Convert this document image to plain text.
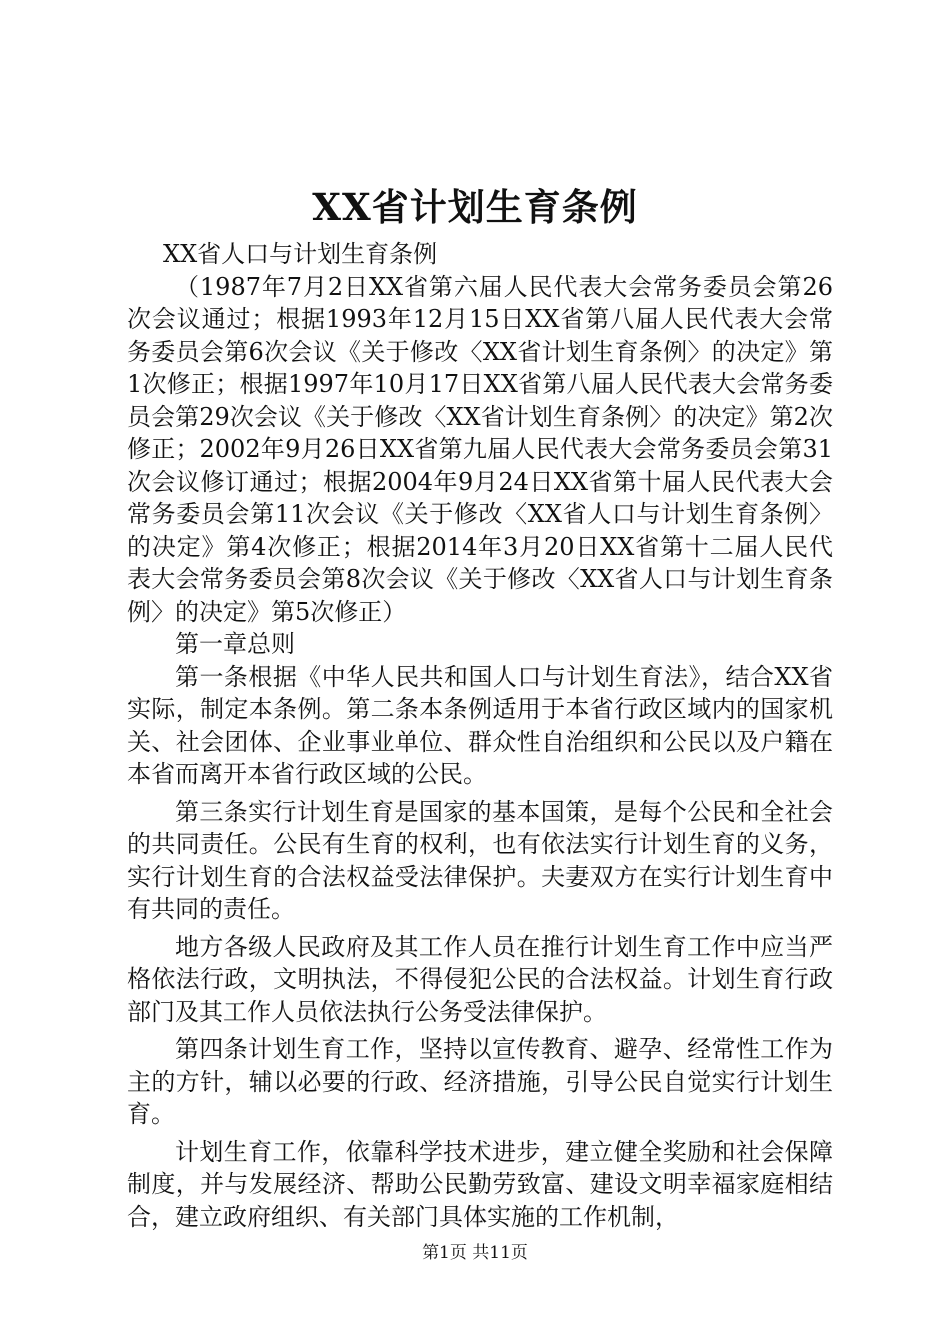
XX省计划生育条例

XX省人口与计划生育条例

（1987年7月2日XX省第六届人民代表大会常务委员会第26次会议通过；根据1993年12月15日XX省第八届人民代表大会常务委员会第6次会议《关于修改〈XX省计划生育条例〉的决定》第1次修正；根据1997年10月17日XX省第八届人民代表大会常务委员会第29次会议《关于修改〈XX省计划生育条例〉的决定》第2次修正；2002年9月26日XX省第九届人民代表大会常务委员会第31次会议修订通过；根据2004年9月24日XX省第十届人民代表大会常务委员会第11次会议《关于修改〈XX省人口与计划生育条例〉的决定》第4次修正；根据2014年3月20日XX省第十二届人民代表大会常务委员会第8次会议《关于修改〈XX省人口与计划生育条例〉的决定》第5次修正）

第一章总则

第一条根据《中华人民共和国人口与计划生育法》，结合XX省实际，制定本条例。第二条本条例适用于本省行政区域内的国家机关、社会团体、企业事业单位、群众性自治组织和公民以及户籍在本省而离开本省行政区域的公民。

第三条实行计划生育是国家的基本国策，是每个公民和全社会的共同责任。公民有生育的权利，也有依法实行计划生育的义务，实行计划生育的合法权益受法律保护。夫妻双方在实行计划生育中有共同的责任。

地方各级人民政府及其工作人员在推行计划生育工作中应当严格依法行政，文明执法，不得侵犯公民的合法权益。计划生育行政部门及其工作人员依法执行公务受法律保护。

第四条计划生育工作，坚持以宣传教育、避孕、经常性工作为主的方针，辅以必要的行政、经济措施，引导公民自觉实行计划生育。

计划生育工作，依靠科学技术进步，建立健全奖励和社会保障制度，并与发展经济、帮助公民勤劳致富、建设文明幸福家庭相结合，建立政府组织、有关部门具体实施的工作机制，

第1页 共11页
